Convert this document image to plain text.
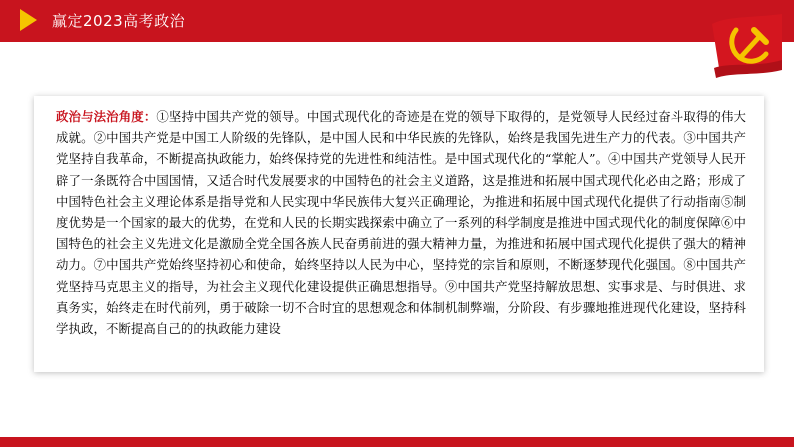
赢定2023高考政治
政治与法治角度：①坚持中国共产党的领导。中国式现代化的奇迹是在党的领导下取得的，是党领导人民经过奋斗取得的伟大成就。②中国共产党是中国工人阶级的先锋队，是中国人民和中华民族的先锋队，始终是我国先进生产力的代表。③中国共产党坚持自我革命，不断提高执政能力，始终保持党的先进性和纯洁性。是中国式现代化的“掌舵人”。④中国共产党领导人民开辟了一条既符合中国国情，又适合时代发展要求的中国特色的社会主义道路，这是推进和拓展中国式现代化必由之路；形成了中国特色社会主义理论体系是指导党和人民实现中华民族伟大复兴正确理论，为推进和拓展中国式现代化提供了行动指南⑤制度优势是一个国家的最大的优势，在党和人民的长期实践探索中确立了一系列的科学制度是推进中国式现代化的制度保障⑥中国特色的社会主义先进文化是激励全党全国各族人民奋勇前进的强大精神力量，为推进和拓展中国式现代化提供了强大的精神动力。⑦中国共产党始终坚持初心和使命，始终坚持以人民为中心，坚持党的宗旨和原则，不断逐梦现代化强国。⑧中国共产党坚持马克思主义的指导，为社会主义现代化建设提供正确思想指导。⑨中国共产党坚持解放思想、实事求是、与时俱进、求真务实，始终走在时代前列，勇于破除一切不合时宜的思想观念和体制机制弊端，分阶段、有步骤地推进现代化建设，坚持科学执政，不断提高自己的的执政能力建设
